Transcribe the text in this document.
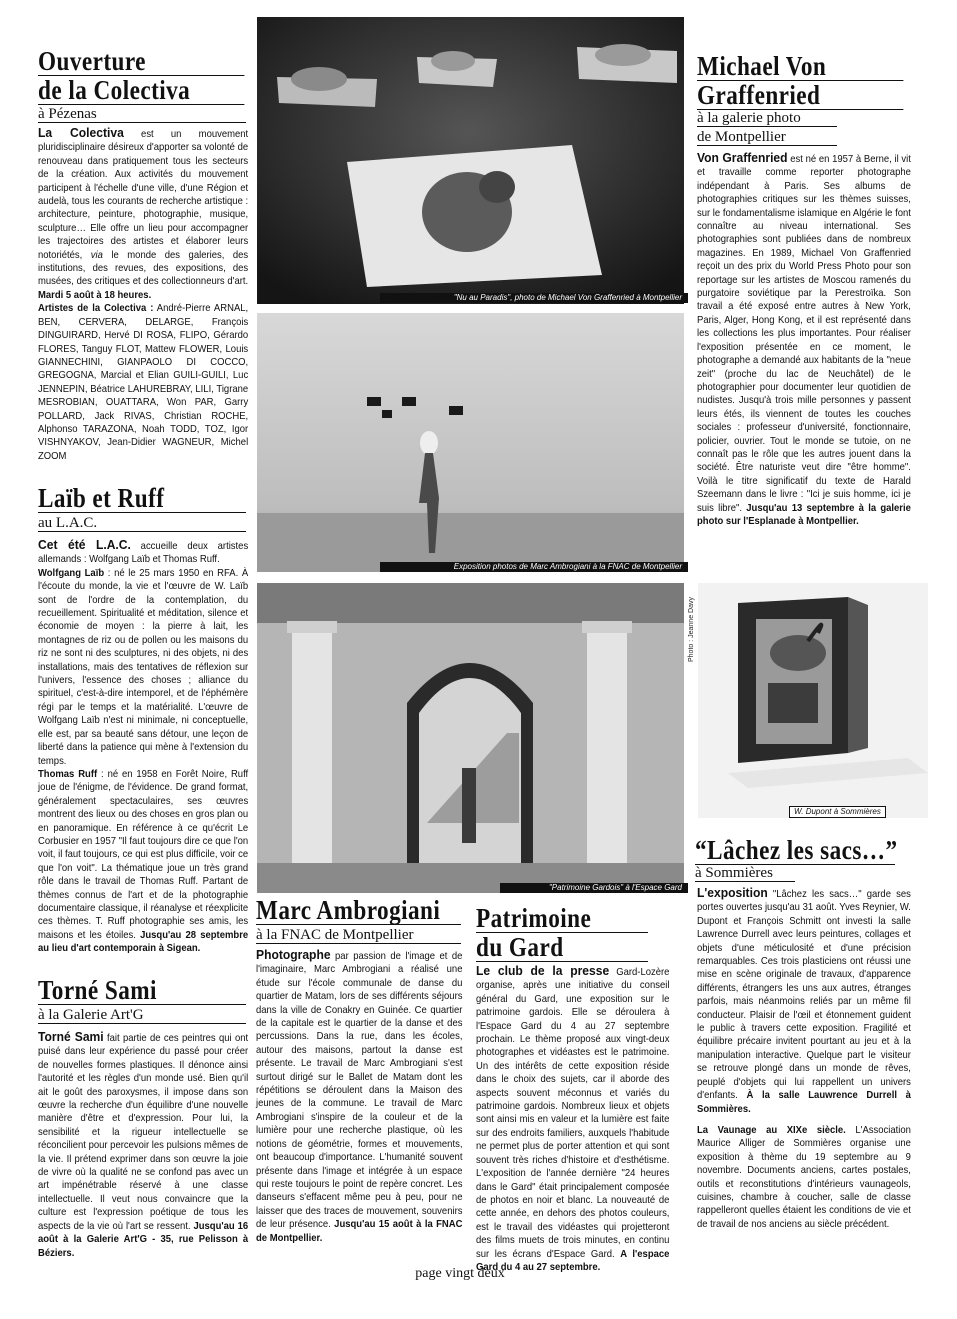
Ouverture
de la Colectiva
à Pézenas

La Colectiva est un mouvement pluridisciplinaire désireux d'apporter sa volonté de renouveau dans pratiquement tous les secteurs de la création. Aux activités du mouvement participent à l'échelle d'une ville, d'une Région et audelà, tous les courants de recherche artistique : architecture, peinture, photographie, musique, sculpture… Elle offre un lieu pour accompagner les trajectoires des artistes et élaborer leurs notoriétés, via le monde des galeries, des institutions, des revues, des expositions, des musées, des critiques et des collectionneurs d'art. Mardi 5 août à 18 heures.

Artistes de la Colectiva : André-Pierre ARNAL, BEN, CERVERA, DELARGE, François DINGUIRARD, Hervé DI ROSA, FLIPO, Gérardo FLORES, Tanguy FLOT, Mattew FLOWER, Louis GIANNECHINI, GIANPAOLO DI COCCO, GREGOGNA, Marcial et Elian GUILI-GUILI, Luc JENNEPIN, Béatrice LAHUREBRAY, LILI, Tigrane MESROBIAN, OUATTARA, Won PAR, Garry POLLARD, Jack RIVAS, Christian ROCHE, Alphonso TARAZONA, Noah TODD, TOZ, Igor VISHNYAKOV, Jean-Didier WAGNEUR, Michel ZOOM

Laïb et Ruff
au L.A.C.

Cet été L.A.C. accueille deux artistes allemands : Wolfgang Laïb et Thomas Ruff.

Wolfgang Laïb : né le 25 mars 1950 en RFA. À l'écoute du monde, la vie et l'œuvre de W. Laïb sont de l'ordre de la contemplation, du recueillement. Spiritualité et méditation, silence et économie de moyen : la pierre à lait, les montagnes de riz ou de pollen ou les maisons du riz ne sont ni des sculptures, ni des objets, ni des installations, mais des tentatives de réflexion sur l'univers, l'essence des choses ; alliance du spirituel, c'est-à-dire intemporel, et de l'éphémère régi par le temps et la matérialité. L'œuvre de Wolfgang Laïb n'est ni minimale, ni conceptuelle, elle est, par sa beauté sans détour, une leçon de liberté dans la patience qui mène à l'extension du temps.

Thomas Ruff : né en 1958 en Forêt Noire, Ruff joue de l'énigme, de l'évidence. De grand format, généralement spectaculaires, ses œuvres montrent des lieux ou des choses en gros plan ou en panoramique. En référence à ce qu'écrit Le Corbusier en 1957 "Il faut toujours dire ce que l'on voit, il faut toujours, ce qui est plus difficile, voir ce que l'on voit". La thématique joue un très grand rôle dans le travail de Thomas Ruff. Partant de thèmes connus de l'art et de la photographie documentaire classique, il réanalyse et réexplicite ces thèmes. T. Ruff photographie ses amis, les maisons et les étoiles. Jusqu'au 28 septembre au lieu d'art contemporain à Sigean.

Torné Sami
à la Galerie Art'G

Torné Sami fait partie de ces peintres qui ont puisé dans leur expérience du passé pour créer de nouvelles formes plastiques. Il dénonce ainsi l'autorité et les règles d'un monde usé. Bien qu'il ait le goût des paroxysmes, il impose dans son œuvre la recherche d'un équilibre d'une nouvelle manière d'être et d'expression. Pour lui, la sensibilité et la rigueur intellectuelle se réconcilient pour percevoir les pulsions mêmes de la vie. Il prétend exprimer dans son œuvre la joie de vivre où la qualité ne se confond pas avec un art impénétrable réservé à une classe intellectuelle. Il veut nous convaincre que la culture est l'expression poétique de tous les aspects de la vie où l'art se ressent. Jusqu'au 16 août à la Galerie Art'G - 35, rue Pelisson à Béziers.

"Nu au Paradis", photo de Michael Von Graffenried à Montpellier
Michael Von
Graffenried
à la galerie photo
de Montpellier

Von Graffenried est né en 1957 à Berne, il vit et travaille comme reporter photographe indépendant à Paris. Ses albums de photographies critiques sur les thèmes suisses, sur le fondamentalisme islamique en Algérie le font connaître au niveau international. Ses photographies sont publiées dans de nombreux magazines. En 1989, Michael Von Graffenried reçoit un des prix du World Press Photo pour son reportage sur les artistes de Moscou ramenés du purgatoire soviétique par la Perestroïka. Son travail a été exposé entre autres à New York, Paris, Alger, Hong Kong, et il est représenté dans les collections les plus importantes. Pour réaliser l'exposition présentée en ce moment, le photographe a demandé aux habitants de la "neue zeit" (proche du lac de Neuchâtel) de le photographier pour documenter leur quotidien de nudistes. Jusqu'à trois mille personnes y passent leurs étés, ils viennent de toutes les couches sociales : professeur d'université, fonctionnaire, policier, ouvrier. Tout le monde se tutoie, on ne connaît pas le rôle que les autres jouent dans la société. Être naturiste veut dire "être homme". Voilà le titre significatif du texte de Harald Szeemann dans le livre : "Ici je suis homme, ici je suis libre". Jusqu'au 13 septembre à la galerie photo sur l'Esplanade à Montpellier.

Exposition photos de Marc Ambrogiani à la FNAC de Montpellier
"Patrimoine Gardois" à l'Espace Gard
Photo : Jeanne Davy
W. Dupont à Sommières
“Lâchez les sacs…”
à Sommières

L'exposition "Lâchez les sacs…" garde ses portes ouvertes jusqu'au 31 août. Yves Reynier, W. Dupont et François Schmitt ont investi la salle Lawrence Durrell avec leurs peintures, collages et objets d'une méticulosité et d'une précision remarquables. Ces trois plasticiens ont réussi une mise en scène originale de travaux, d'apparence différents, étrangers les uns aux autres, étranges parfois, mais néanmoins reliés par un même fil conducteur. Plaisir de l'œil et étonnement guident le public à travers cette exposition. Fragilité et équilibre précaire invitent pourtant au jeu et à la manipulation interactive. Quelque part le visiteur se retrouve plongé dans un monde de rêves, peuplé d'objets qui lui rappellent un univers d'enfants. À la salle Lauwrence Durrell à Sommières.

La Vaunage au XIXe siècle. L'Association Maurice Alliger de Sommières organise une exposition à thème du 19 septembre au 9 novembre. Documents anciens, cartes postales, outils et reconstitutions d'intérieurs vaunageols, cuisines, chambre à coucher, salle de classe rappelleront quelles étaient les conditions de vie et de travail de nos anciens au siècle précédent.

Marc Ambrogiani
à la FNAC de Montpellier

Photographe par passion de l'image et de l'imaginaire, Marc Ambrogiani a réalisé une étude sur l'école communale de danse du quartier de Matam, lors de ses différents séjours dans la ville de Conakry en Guinée. Ce quartier de la capitale est le quartier de la danse et des percussions. Dans la rue, dans les écoles, autour des maisons, partout la danse est présente. Le travail de Marc Ambrogiani s'est surtout dirigé sur le Ballet de Matam dont les répétitions se déroulent dans la Maison des jeunes de la commune. Le travail de Marc Ambrogiani s'inspire de la couleur et de la lumière pour une recherche plastique, où les notions de géométrie, formes et mouvements, ont beaucoup d'importance. L'humanité souvent présente dans l'image et intégrée à un espace qui reste toujours le point de repère concret. Les danseurs s'effacent même peu à peu, pour ne laisser que des traces de mouvement, souvenirs de leur présence. Jusqu'au 15 août à la FNAC de Montpellier.

Patrimoine
du Gard

Le club de la presse Gard-Lozère organise, après une initiative du conseil général du Gard, une exposition sur le patrimoine gardois. Elle se déroulera à l'Espace Gard du 4 au 27 septembre prochain. Le thème proposé aux vingt-deux photographes et vidéastes est le patrimoine. Un des intérêts de cette exposition réside dans le choix des sujets, car il aborde des aspects souvent méconnus et variés du patrimoine gardois. Nombreux lieux et objets sont ainsi mis en valeur et la lumière est faite sur des endroits familiers, auxquels l'habitude ne permet plus de porter attention et qui sont souvent très riches d'histoire et d'esthétisme. L'exposition de l'année dernière "24 heures dans le Gard" était principalement composée de photos en noir et blanc. La nouveauté de cette année, en dehors des photos couleurs, est le travail des vidéastes qui projetteront des films muets de trois minutes, en continu sur les écrans d'Espace Gard. A l'espace Gard du 4 au 27 septembre.

page vingt deux
